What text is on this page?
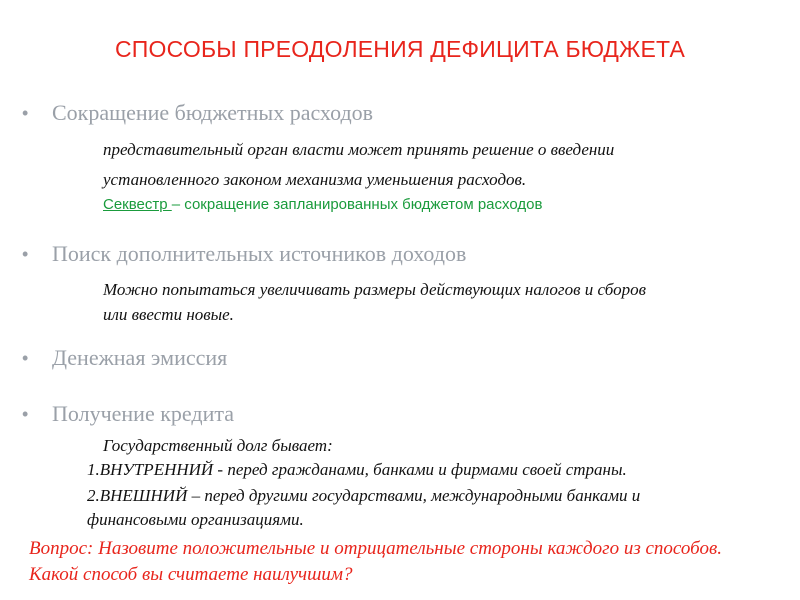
СПОСОБЫ ПРЕОДОЛЕНИЯ ДЕФИЦИТА БЮДЖЕТА
• Сокращение бюджетных расходов
представительный орган власти может принять решение о введении
установленного законом механизма уменьшения расходов.
Секвестр – сокращение запланированных бюджетом расходов
• Поиск дополнительных источников доходов
Можно попытаться увеличивать размеры действующих налогов и сборов
или ввести новые.
• Денежная эмиссия
• Получение кредита
Государственный долг бывает:
1.ВНУТРЕННИЙ - перед гражданами, банками и фирмами своей страны.
2.ВНЕШНИЙ – перед другими государствами, международными банками и
финансовыми организациями.
Вопрос: Назовите положительные и отрицательные стороны каждого из способов. Какой способ вы считаете наилучшим?
